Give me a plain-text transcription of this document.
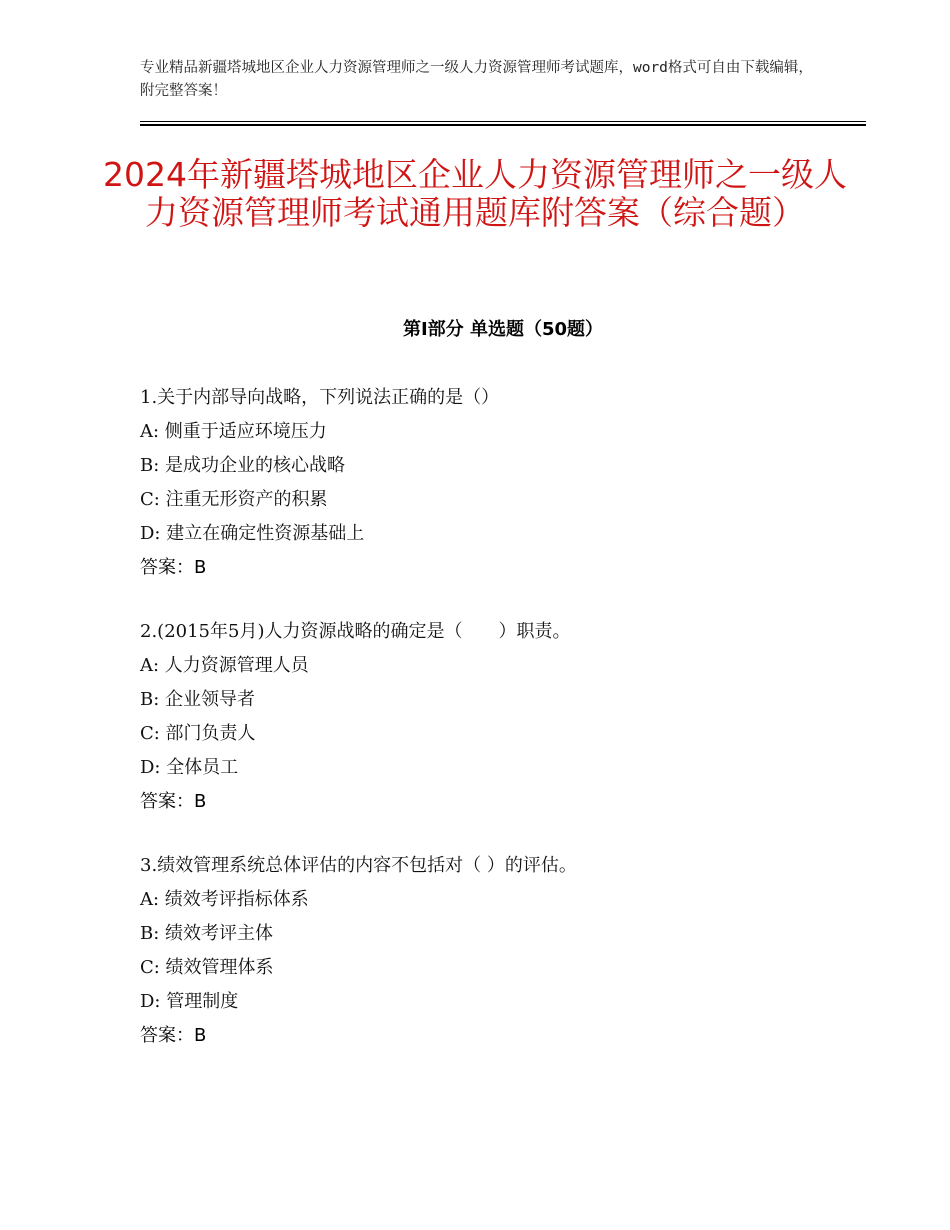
专业精品新疆塔城地区企业人力资源管理师之一级人力资源管理师考试题库，word格式可自由下载编辑，附完整答案！
2024年新疆塔城地区企业人力资源管理师之一级人力资源管理师考试通用题库附答案（综合题）
第I部分 单选题（50题）
1.关于内部导向战略，下列说法正确的是（）
A: 侧重于适应环境压力
B: 是成功企业的核心战略
C: 注重无形资产的积累
D: 建立在确定性资源基础上
答案：B
2.(2015年5月)人力资源战略的确定是（　　）职责。
A: 人力资源管理人员
B: 企业领导者
C: 部门负责人
D: 全体员工
答案：B
3.绩效管理系统总体评估的内容不包括对（ ）的评估。
A: 绩效考评指标体系
B: 绩效考评主体
C: 绩效管理体系
D: 管理制度
答案：B
